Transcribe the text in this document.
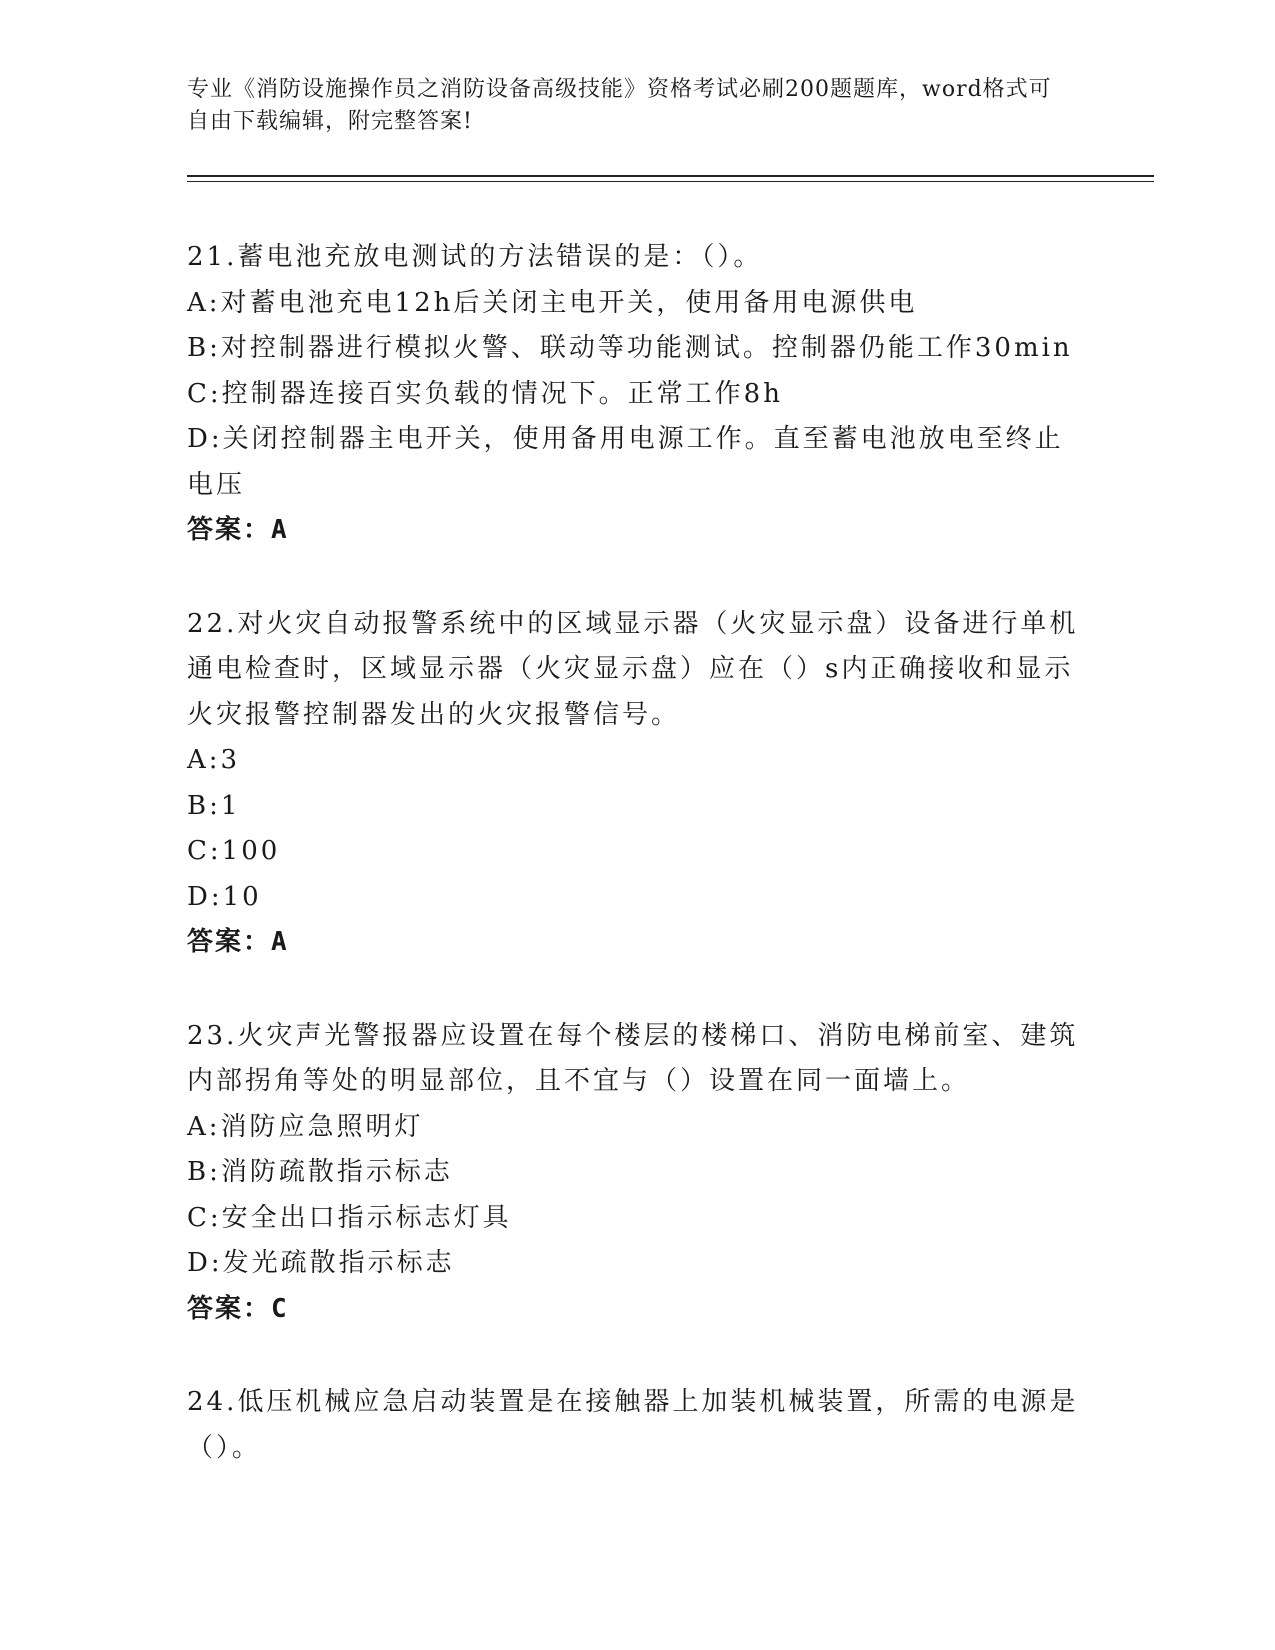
专业《消防设施操作员之消防设备高级技能》资格考试必刷200题题库，word格式可自由下载编辑，附完整答案!

21.蓄电池充放电测试的方法错误的是：（）。

A:对蓄电池充电12h后关闭主电开关，使用备用电源供电

B:对控制器进行模拟火警、联动等功能测试。控制器仍能工作30min

C:控制器连接百实负载的情况下。正常工作8h

D:关闭控制器主电开关，使用备用电源工作。直至蓄电池放电至终止电压

答案：A

22.对火灾自动报警系统中的区域显示器（火灾显示盘）设备进行单机通电检查时，区域显示器（火灾显示盘）应在（）s内正确接收和显示火灾报警控制器发出的火灾报警信号。

A:3

B:1

C:100

D:10

答案：A

23.火灾声光警报器应设置在每个楼层的楼梯口、消防电梯前室、建筑内部拐角等处的明显部位，且不宜与（）设置在同一面墙上。

A:消防应急照明灯

B:消防疏散指示标志

C:安全出口指示标志灯具

D:发光疏散指示标志

答案：C

24.低压机械应急启动装置是在接触器上加装机械装置，所需的电源是（）。
